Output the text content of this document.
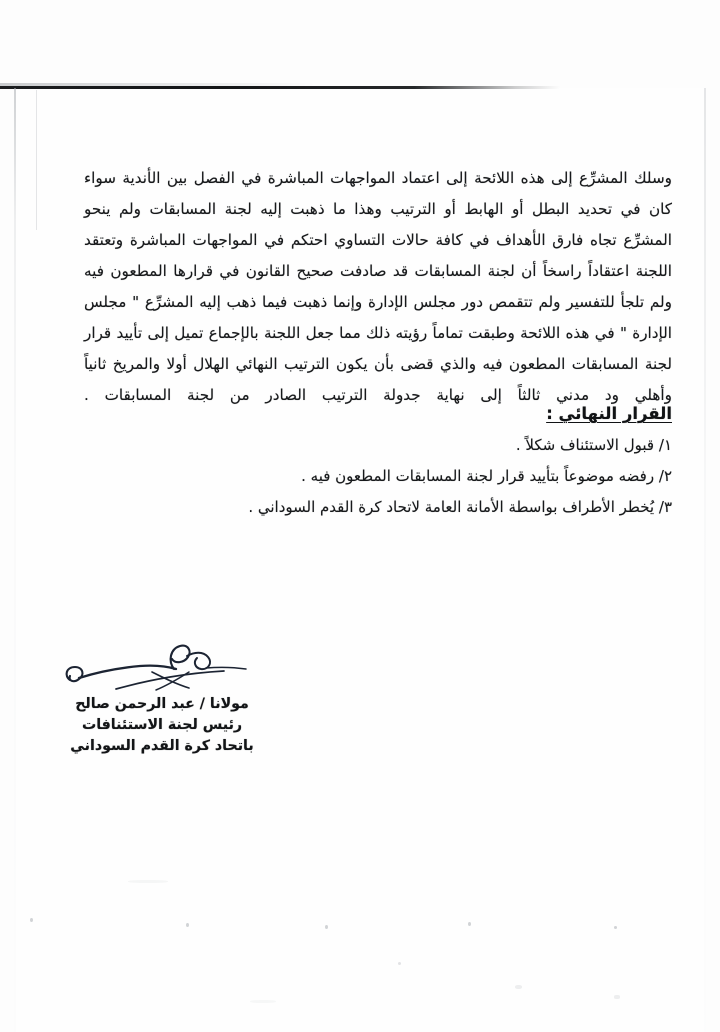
وسلك المشرِّع إلى هذه اللائحة إلى اعتماد المواجهات المباشرة في الفصل بين الأندية سواء كان في تحديد البطل أو الهابط أو الترتيب وهذا ما ذهبت إليه لجنة المسابقات ولم ينحو المشرِّع تجاه فارق الأهداف في كافة حالات التساوي احتكم في المواجهات المباشرة وتعتقد اللجنة اعتقاداً راسخاً أن لجنة المسابقات قد صادفت صحيح القانون في قرارها المطعون فيه ولم تلجأ للتفسير ولم تتقمص دور مجلس الإدارة وإنما ذهبت فيما ذهب إليه المشرِّع " مجلس الإدارة " في هذه اللائحة وطبقت تماماً رؤيته ذلك مما جعل اللجنة بالإجماع تميل إلى تأييد قرار لجنة المسابقات المطعون فيه والذي قضى بأن يكون الترتيب النهائي الهلال أولا والمريخ ثانياً وأهلي ود مدني ثالثاً إلى نهاية جدولة الترتيب الصادر من لجنة المسابقات .

القرار النهائي :
١/ قبول الاستئناف شكلاً .
٢/ رفضه موضوعاً بتأييد قرار لجنة المسابقات المطعون فيه .
٣/ يُخطر الأطراف بواسطة الأمانة العامة لاتحاد كرة القدم السوداني .
مولانا / عبد الرحمن صالح
رئيس لجنة الاستئنافات
باتحاد كرة القدم السوداني
